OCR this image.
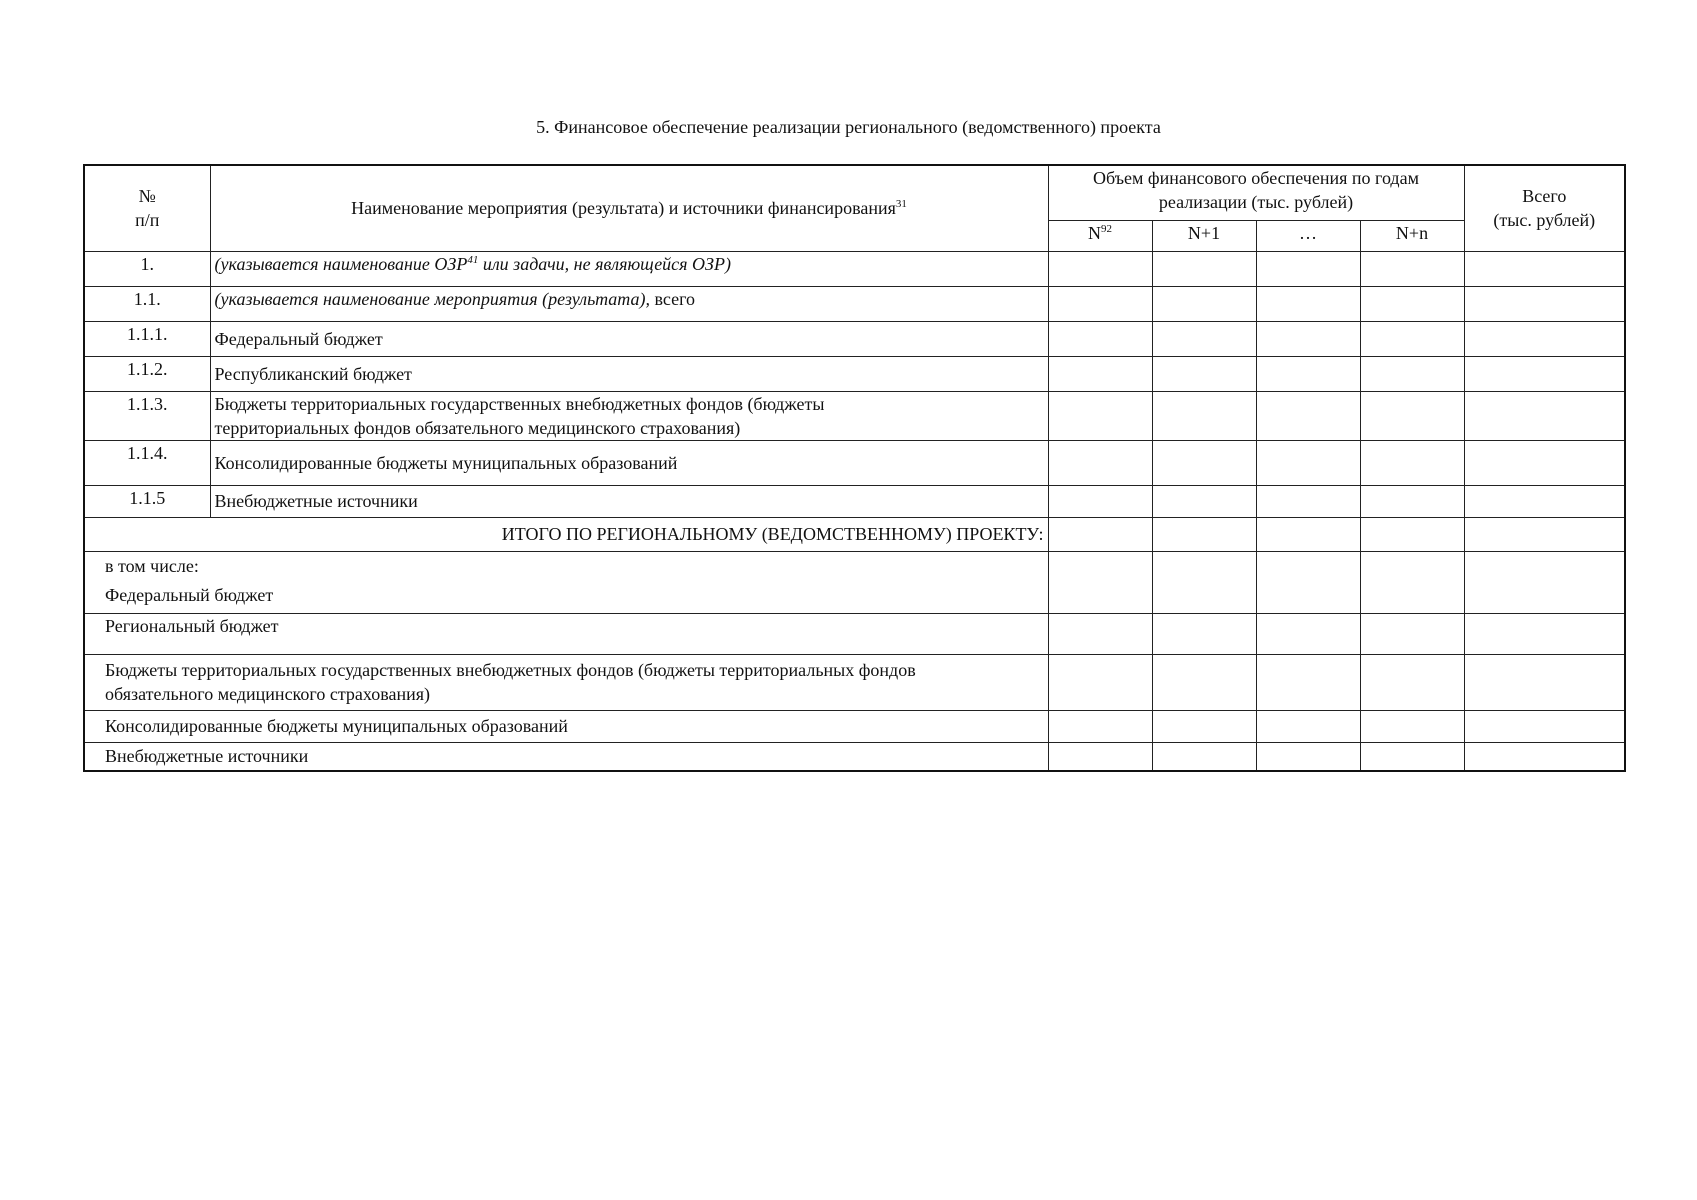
5. Финансовое обеспечение реализации регионального (ведомственного) проекта
№
п/п	Наименование мероприятия (результата) и источники финансирования$^{31}$	Объем финансового обеспечения по годам реализации (тыс. рублей)				Всего
(тыс. рублей)
		$N^{92}$	N+1	…	N+n	
1.	(указывается наименование ОЗР$^{41}$ или задачи, не являющейся ОЗР)					
1.1.	(указывается наименование мероприятия (результата), всего					
1.1.1.	Федеральный бюджет					
1.1.2.	Республиканский бюджет					
1.1.3.	Бюджеты территориальных государственных внебюджетных фондов (бюджеты
территориальных фондов обязательного медицинского страхования)					
1.1.4.	Консолидированные бюджеты муниципальных образований					
1.1.5	Внебюджетные источники					
ИТОГО ПО РЕГИОНАЛЬНОМУ (ВЕДОМСТВЕННОМУ) ПРОЕКТУ:						

в том числе:
Федеральный бюджет						

Региональный бюджет						
Бюджеты территориальных государственных внебюджетных фондов (бюджеты территориальных фондов
обязательного медицинского страхования)						
Консолидированные бюджеты муниципальных образований						
Внебюджетные источники						
